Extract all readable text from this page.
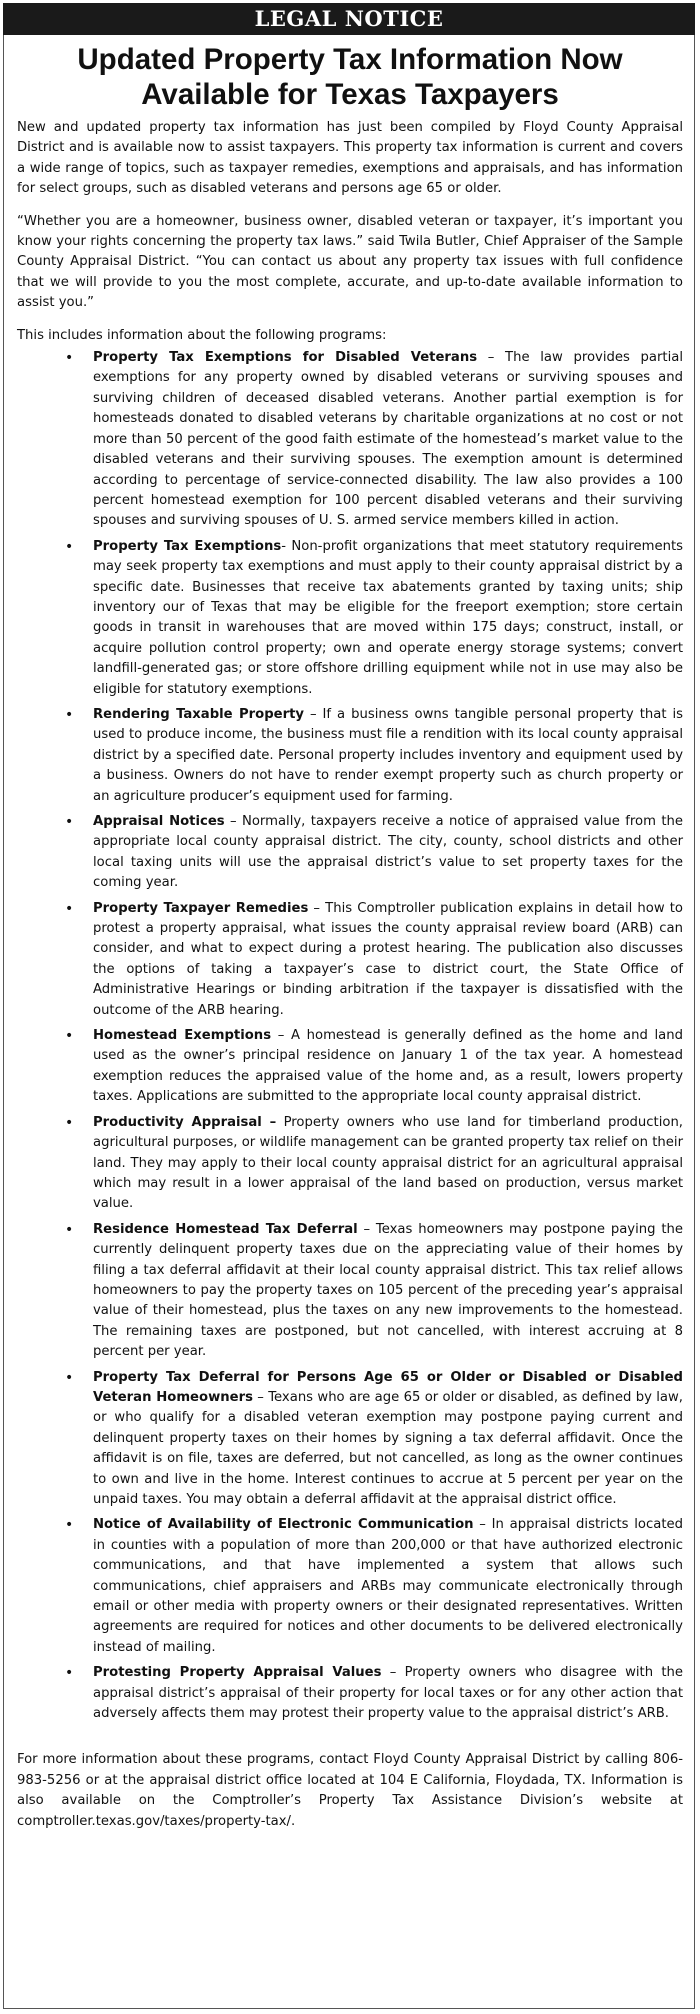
LEGAL NOTICE
Updated Property Tax Information Now
Available for Texas Taxpayers

New and updated property tax information has just been compiled by Floyd County Appraisal District and is available now to assist taxpayers. This property tax information is current and covers a wide range of topics, such as taxpayer remedies, exemptions and appraisals, and has information for select groups, such as disabled veterans and persons age 65 or older.

“Whether you are a homeowner, business owner, disabled veteran or taxpayer, it’s important you know your rights concerning the property tax laws.” said Twila Butler, Chief Appraiser of the Sample County Appraisal District. “You can contact us about any property tax issues with full confidence that we will provide to you the most complete, accurate, and up-to-date available information to assist you.”

This includes information about the following programs:

• Property Tax Exemptions for Disabled Veterans – The law provides partial exemptions for any property owned by disabled veterans or surviving spouses and surviving children of deceased disabled veterans. Another partial exemption is for homesteads donated to disabled veterans by charitable organizations at no cost or not more than 50 percent of the good faith estimate of the homestead’s market value to the disabled veterans and their surviving spouses. The exemption amount is determined according to percentage of service-connected disability. The law also provides a 100 percent homestead exemption for 100 percent disabled veterans and their surviving spouses and surviving spouses of U. S. armed service members killed in action.
• Property Tax Exemptions- Non-profit organizations that meet statutory requirements may seek property tax exemptions and must apply to their county appraisal district by a specific date. Businesses that receive tax abatements granted by taxing units; ship inventory our of Texas that may be eligible for the freeport exemption; store certain goods in transit in warehouses that are moved within 175 days; construct, install, or acquire pollution control property; own and operate energy storage systems; convert landfill-generated gas; or store offshore drilling equipment while not in use may also be eligible for statutory exemptions.
• Rendering Taxable Property – If a business owns tangible personal property that is used to produce income, the business must file a rendition with its local county appraisal district by a specified date. Personal property includes inventory and equipment used by a business. Owners do not have to render exempt property such as church property or an agriculture producer’s equipment used for farming.
• Appraisal Notices – Normally, taxpayers receive a notice of appraised value from the appropriate local county appraisal district. The city, county, school districts and other local taxing units will use the appraisal district’s value to set property taxes for the coming year.
• Property Taxpayer Remedies – This Comptroller publication explains in detail how to protest a property appraisal, what issues the county appraisal review board (ARB) can consider, and what to expect during a protest hearing. The publication also discusses the options of taking a taxpayer’s case to district court, the State Office of Administrative Hearings or binding arbitration if the taxpayer is dissatisfied with the outcome of the ARB hearing.
• Homestead Exemptions – A homestead is generally defined as the home and land used as the owner’s principal residence on January 1 of the tax year. A homestead exemption reduces the appraised value of the home and, as a result, lowers property taxes. Applications are submitted to the appropriate local county appraisal district.
• Productivity Appraisal – Property owners who use land for timberland production, agricultural purposes, or wildlife management can be granted property tax relief on their land. They may apply to their local county appraisal district for an agricultural appraisal which may result in a lower appraisal of the land based on production, versus market value.
• Residence Homestead Tax Deferral – Texas homeowners may postpone paying the currently delinquent property taxes due on the appreciating value of their homes by filing a tax deferral affidavit at their local county appraisal district. This tax relief allows homeowners to pay the property taxes on 105 percent of the preceding year’s appraisal value of their homestead, plus the taxes on any new improvements to the homestead. The remaining taxes are postponed, but not cancelled, with interest accruing at 8 percent per year.
• Property Tax Deferral for Persons Age 65 or Older or Disabled or Disabled Veteran Homeowners – Texans who are age 65 or older or disabled, as defined by law, or who qualify for a disabled veteran exemption may postpone paying current and delinquent property taxes on their homes by signing a tax deferral affidavit. Once the affidavit is on file, taxes are deferred, but not cancelled, as long as the owner continues to own and live in the home. Interest continues to accrue at 5 percent per year on the unpaid taxes. You may obtain a deferral affidavit at the appraisal district office.
• Notice of Availability of Electronic Communication – In appraisal districts located in counties with a population of more than 200,000 or that have authorized electronic communications, and that have implemented a system that allows such communications, chief appraisers and ARBs may communicate electronically through email or other media with property owners or their designated representatives. Written agreements are required for notices and other documents to be delivered electronically instead of mailing.
• Protesting Property Appraisal Values – Property owners who disagree with the appraisal district’s appraisal of their property for local taxes or for any other action that adversely affects them may protest their property value to the appraisal district’s ARB.

For more information about these programs, contact Floyd County Appraisal District by calling 806-983-5256 or at the appraisal district office located at 104 E California, Floydada, TX. Information is also available on the Comptroller’s Property Tax Assistance Division’s website at comptroller.texas.gov/taxes/property-tax/.
